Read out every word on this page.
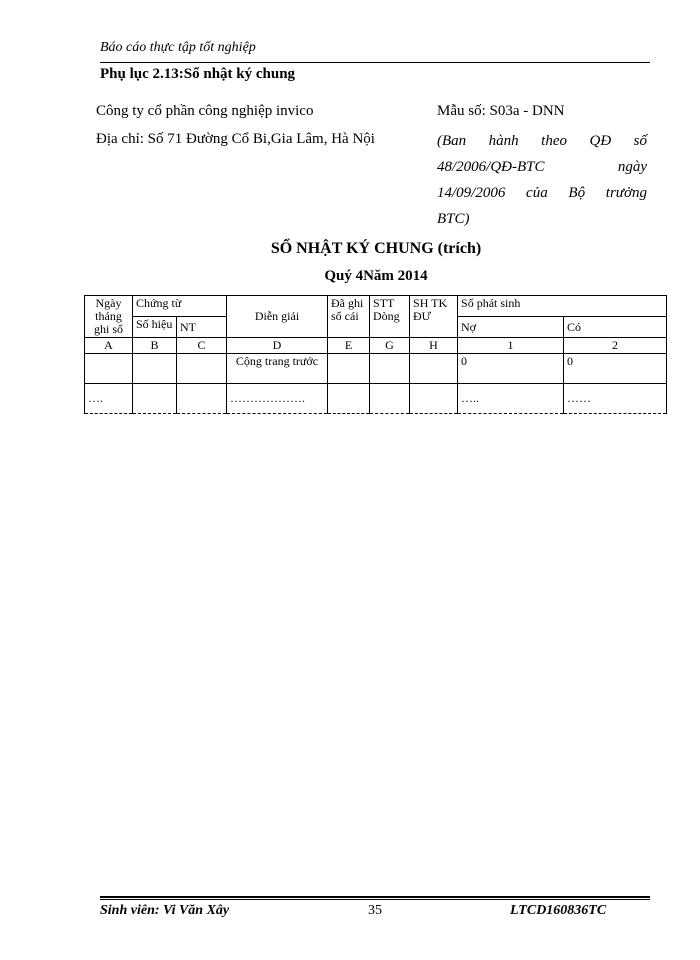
Báo cáo thực tập tốt nghiệp
Phụ lục 2.13:Sổ nhật ký chung
Công ty cổ phần công nghiệp invico
Địa chỉ: Số 71 Đường Cổ Bi,Gia Lâm, Hà Nội
Mẫu số: S03a - DNN
(Ban hành theo QĐ số
48/2006/QĐ-BTC ngày
14/09/2006 của Bộ trưởng
BTC)
SỔ NHẬT KÝ CHUNG (trích)
Quý 4Năm 2014
Ngày tháng ghi sổ	Chứng từ		Diễn giải	Đã ghi sổ cái	STT Dòng	SH TK ĐƯ	Số phát sinh	
	Số hiệu	NT					Nợ	Có
A	B	C	D	E	G	H	1	2
			Cộng trang trước				0	0
….			……………….				…..	……
Sinh viên: Vi Văn Xây	35	LTCD160836TC
